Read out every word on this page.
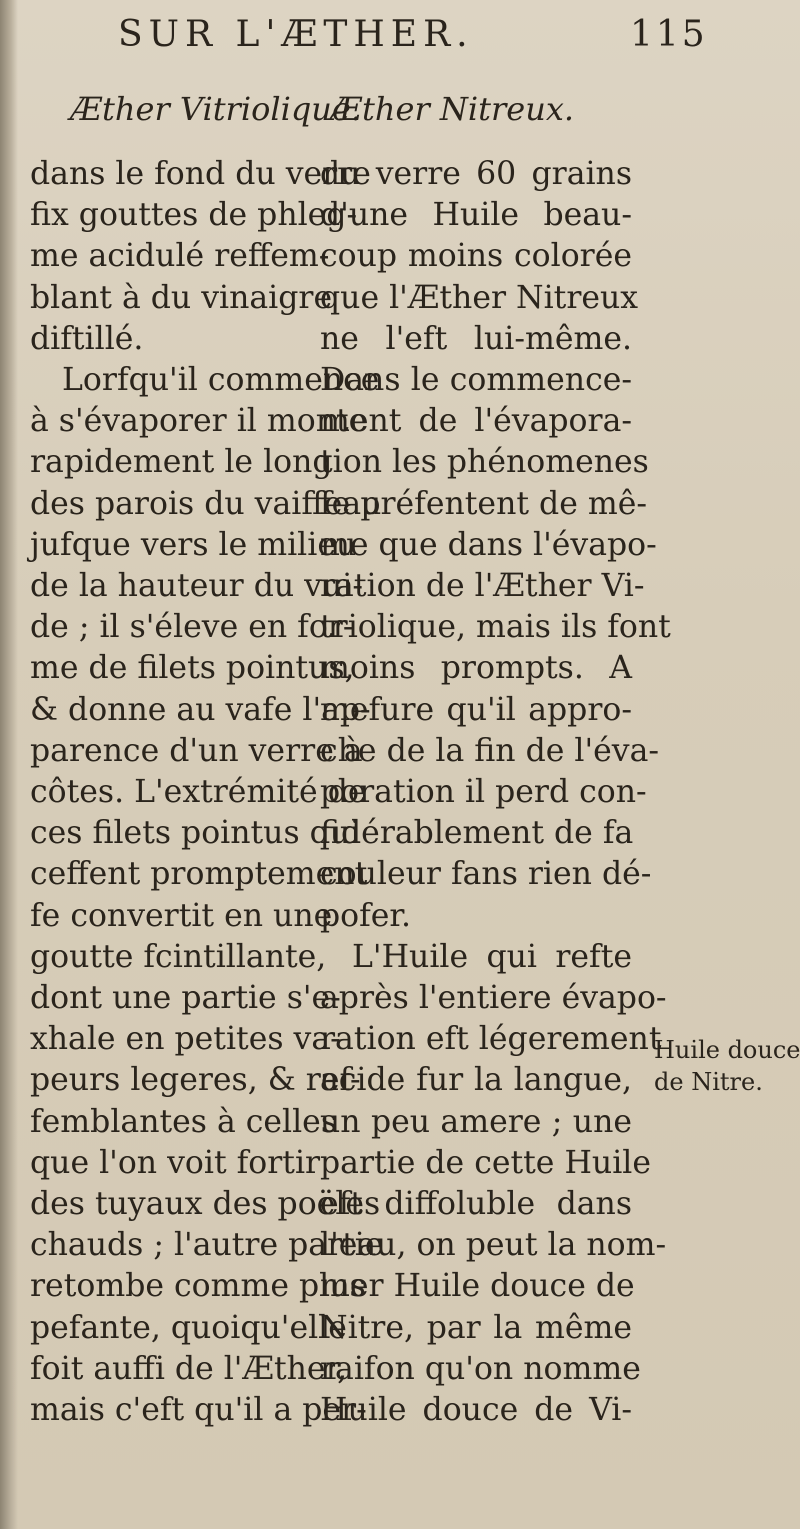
SUR L'ÆTHER.	115
Æther Vitriolique.
Æther Nitreux.
dans le fond du verre
fix gouttes de phleg-
me acidulé reffem-
blant à du vinaigre
diftillé.
Lorfqu'il commence
à s'évaporer il monte
rapidement le long
des parois du vaiffeau
jufque vers le milieu
de la hauteur du vui-
de ; il s'éleve en for-
me de filets pointus,
& donne au vafe l'ap-
parence d'un verre à
côtes. L'extrémité de
ces filets pointus qui
ceffent promptement
fe convertit en une
goutte fcintillante,
dont une partie s'e-
xhale en petites va-
peurs legeres, & ref-
femblantes à celles
que l'on voit fortir
des tuyaux des poëles
chauds ; l'autre partie
retombe comme plus
pefante, quoiqu'elle
foit auffi de l'Æther,
mais c'eft qu'il a per-
du verre 60 grains
d'une Huile beau-
coup moins colorée
que l'Æther Nitreux
ne l'eft lui-même.
Dans le commence-
ment de l'évapora-
tion les phénomenes
fe préfentent de mê-
me que dans l'évapo-
ration de l'Æther Vi-
triolique, mais ils font
moins prompts. A
mefure qu'il appro-
che de la fin de l'éva-
poration il perd con-
fidérablement de fa
couleur fans rien dé-
pofer.
L'Huile qui refte
après l'entiere évapo-
ration eft légerement
acide fur la langue,
un peu amere ; une
partie de cette Huile
eft diffoluble dans
l'eau, on peut la nom-
mer Huile douce de
Nitre, par la même
raifon qu'on nomme
Huile douce de Vi-
Huile douce
de Nitre.
